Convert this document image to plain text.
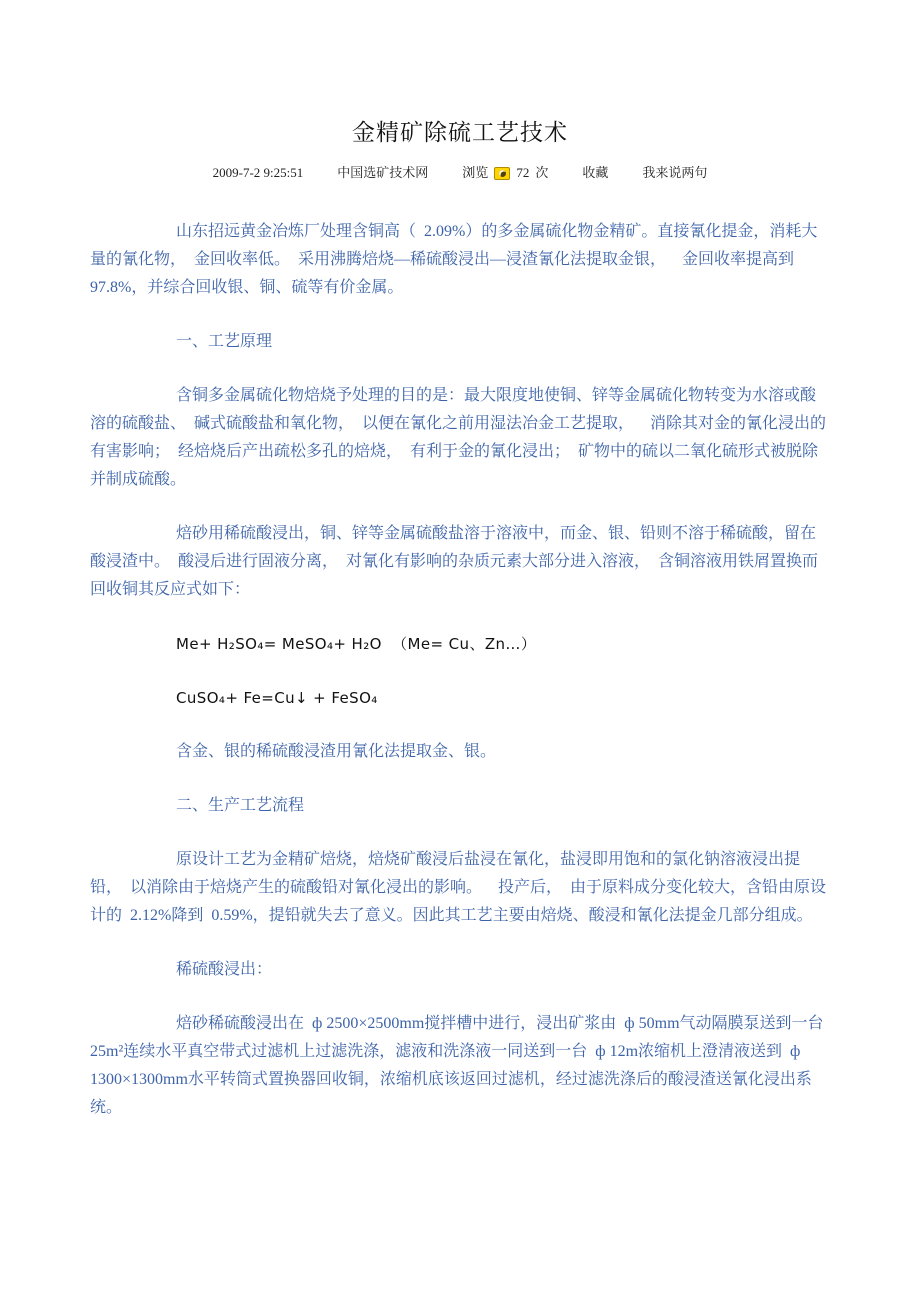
金精矿除硫工艺技术
2009-7-2 9:25:51	中国选矿技术网	浏览 72 次	收藏	我来说两句

山东招远黄金冶炼厂处理含铜高（  2.09%）的多金属硫化物金精矿。直接氰化提金，消耗大量的氰化物，  金回收率低。  采用沸腾焙烧—稀硫酸浸出—浸渣氰化法提取金银，    金回收率提高到  97.8%，并综合回收银、铜、硫等有价金属。

一、工艺原理

含铜多金属硫化物焙烧予处理的目的是：最大限度地使铜、锌等金属硫化物转变为水溶或酸溶的硫酸盐、  碱式硫酸盐和氧化物，  以便在氰化之前用湿法冶金工艺提取，    消除其对金的氰化浸出的有害影响；  经焙烧后产出疏松多孔的焙烧，  有利于金的氰化浸出；  矿物中的硫以二氧化硫形式被脱除并制成硫酸。

焙砂用稀硫酸浸出，铜、锌等金属硫酸盐溶于溶液中，而金、银、铅则不溶于稀硫酸，留在酸浸渣中。  酸浸后进行固液分离，  对氰化有影响的杂质元素大部分进入溶液，  含铜溶液用铁屑置换而回收铜其反应式如下：

Me+ H₂SO₄= MeSO₄+ H₂O  （Me= Cu、Zn…）

CuSO₄+ Fe=Cu↓ + FeSO₄

含金、银的稀硫酸浸渣用氰化法提取金、银。

二、生产工艺流程

原设计工艺为金精矿焙烧，焙烧矿酸浸后盐浸在氰化，盐浸即用饱和的氯化钠溶液浸出提铅，  以消除由于焙烧产生的硫酸铅对氰化浸出的影响。    投产后，  由于原料成分变化较大，含铅由原设计的  2.12%降到  0.59%，提铅就失去了意义。因此其工艺主要由焙烧、酸浸和氰化法提金几部分组成。

稀硫酸浸出：

焙砂稀硫酸浸出在  ф 2500×2500mm搅拌槽中进行，浸出矿浆由  ф 50mm气动隔膜泵送到一台  25m²连续水平真空带式过滤机上过滤洗涤，滤液和洗涤液一同送到一台  ф 12m浓缩机上澄清液送到  ф 1300×1300mm水平转筒式置换器回收铜，浓缩机底该返回过滤机，经过滤洗涤后的酸浸渣送氰化浸出系统。
